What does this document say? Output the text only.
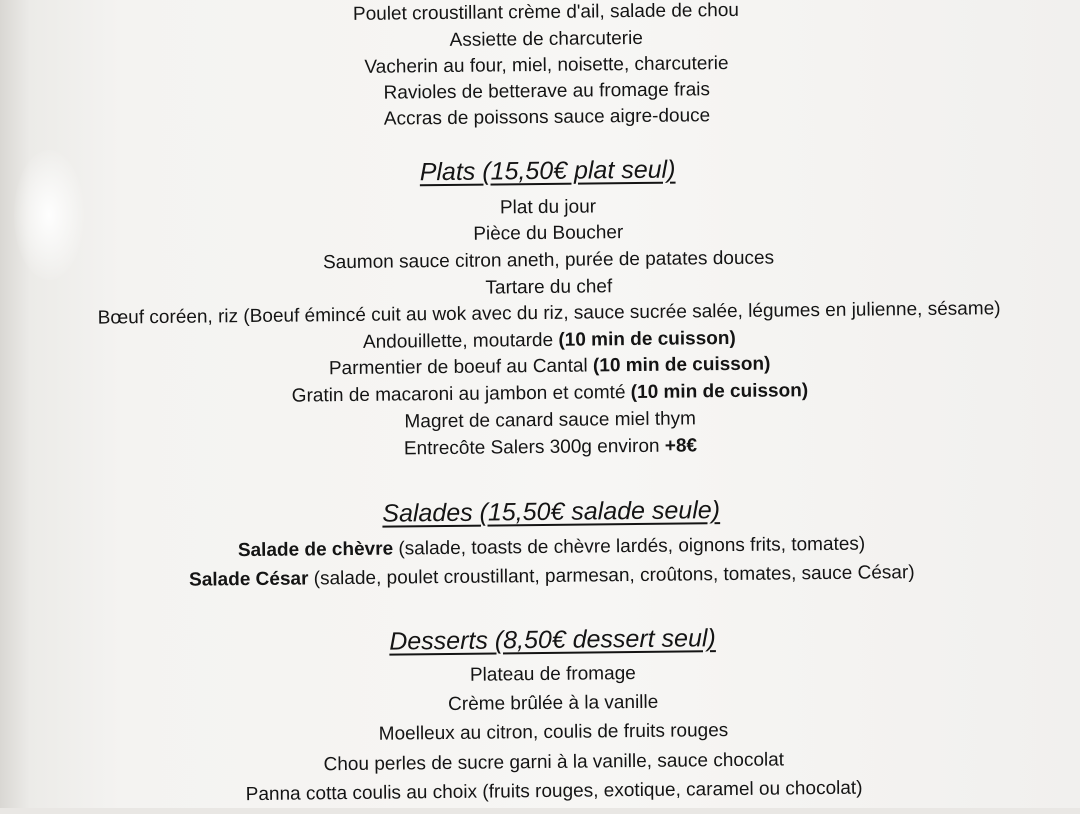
Poulet croustillant crème d'ail, salade de chou
Assiette de charcuterie
Vacherin au four, miel, noisette, charcuterie
Ravioles de betterave au fromage frais
Accras de poissons sauce aigre-douce
Plats (15,50€ plat seul)
Plat du jour
Pièce du Boucher
Saumon sauce citron aneth, purée de patates douces
Tartare du chef
Bœuf coréen, riz (Boeuf émincé cuit au wok avec du riz, sauce sucrée salée, légumes en julienne, sésame)
Andouillette, moutarde (10 min de cuisson)
Parmentier de boeuf au Cantal (10 min de cuisson)
Gratin de macaroni au jambon et comté (10 min de cuisson)
Magret de canard sauce miel thym
Entrecôte Salers 300g environ +8€
Salades (15,50€ salade seule)
Salade de chèvre (salade, toasts de chèvre lardés, oignons frits, tomates)
Salade César (salade, poulet croustillant, parmesan, croûtons, tomates, sauce César)
Desserts (8,50€ dessert seul)
Plateau de fromage
Crème brûlée à la vanille
Moelleux au citron, coulis de fruits rouges
Chou perles de sucre garni à la vanille, sauce chocolat
Panna cotta coulis au choix (fruits rouges, exotique, caramel ou chocolat)
